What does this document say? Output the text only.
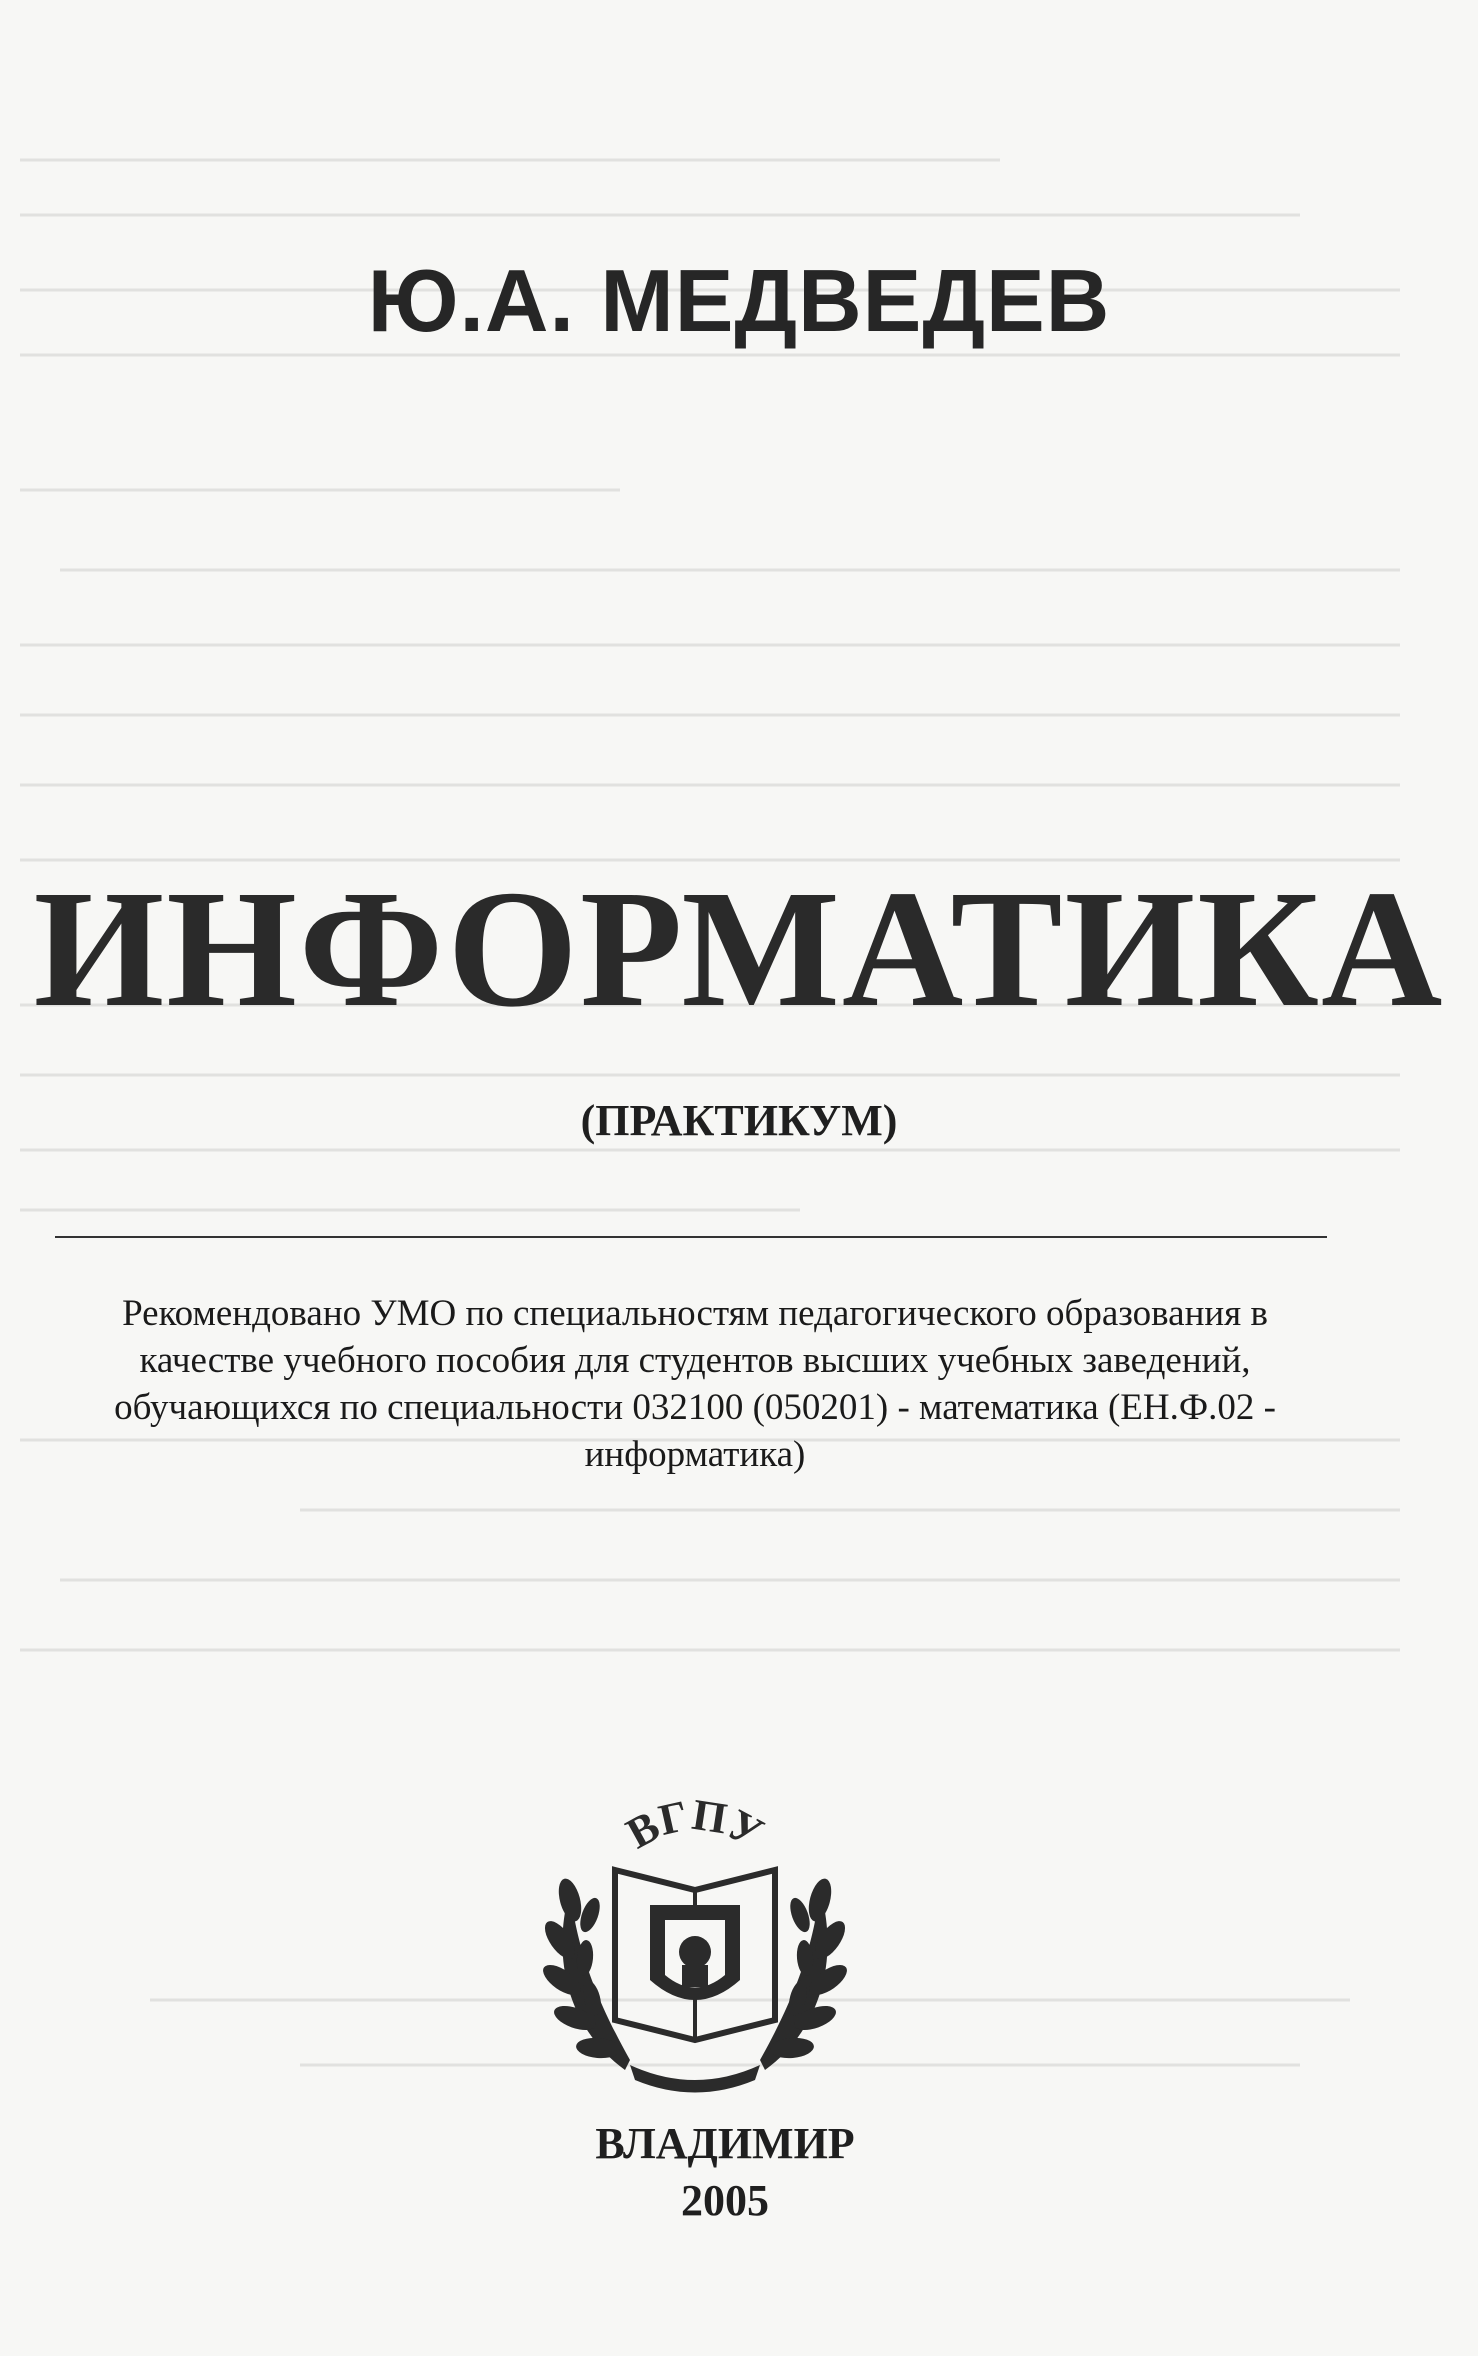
Ю.А. МЕДВЕДЕВ
ИНФОРМАТИКА
(ПРАКТИКУМ)
Рекомендовано УМО по специальностям педагогического образования в
качестве учебного пособия для студентов высших учебных заведений,
обучающихся по специальности 032100 (050201) - математика (ЕН.Ф.02 -
информатика)
ВГПУ
ВЛАДИМИР
2005
